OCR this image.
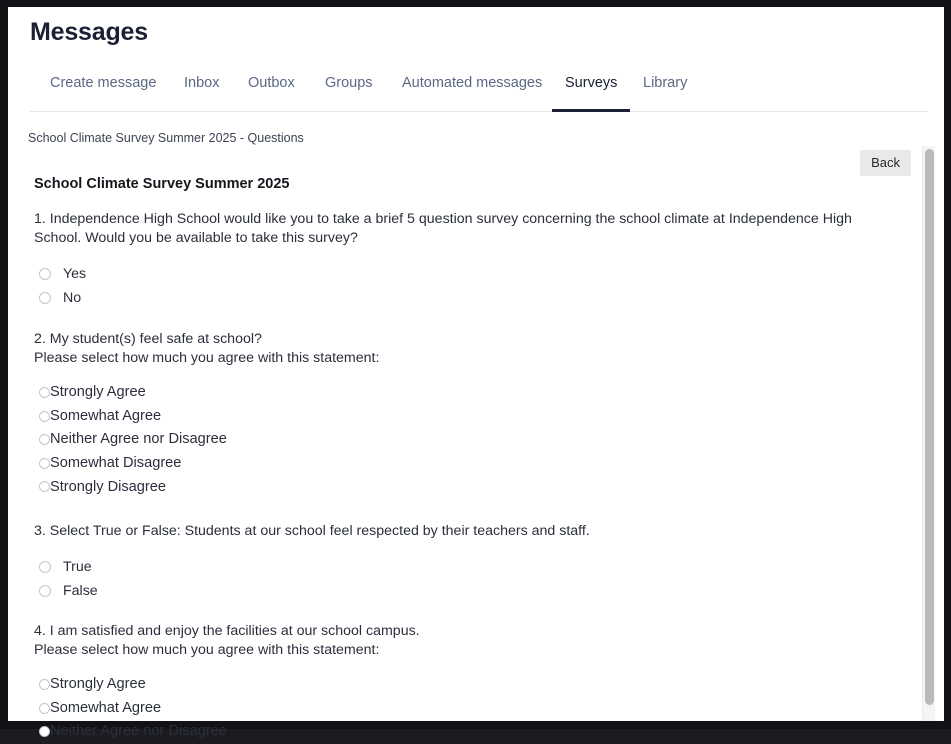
Messages
Create message Inbox Outbox Groups Automated messages Surveys Library
School Climate Survey Summer 2025 - Questions
Back
School Climate Survey Summer 2025
1. Independence High School would like you to take a brief 5 question survey concerning the school climate at Independence High School. Would you be available to take this survey?
Yes
No
2. My student(s) feel safe at school?
Please select how much you agree with this statement:
Strongly Agree
Somewhat Agree
Neither Agree nor Disagree
Somewhat Disagree
Strongly Disagree
3. Select True or False: Students at our school feel respected by their teachers and staff.
True
False
4. I am satisfied and enjoy the facilities at our school campus.
Please select how much you agree with this statement:
Strongly Agree
Somewhat Agree
Neither Agree nor Disagree
